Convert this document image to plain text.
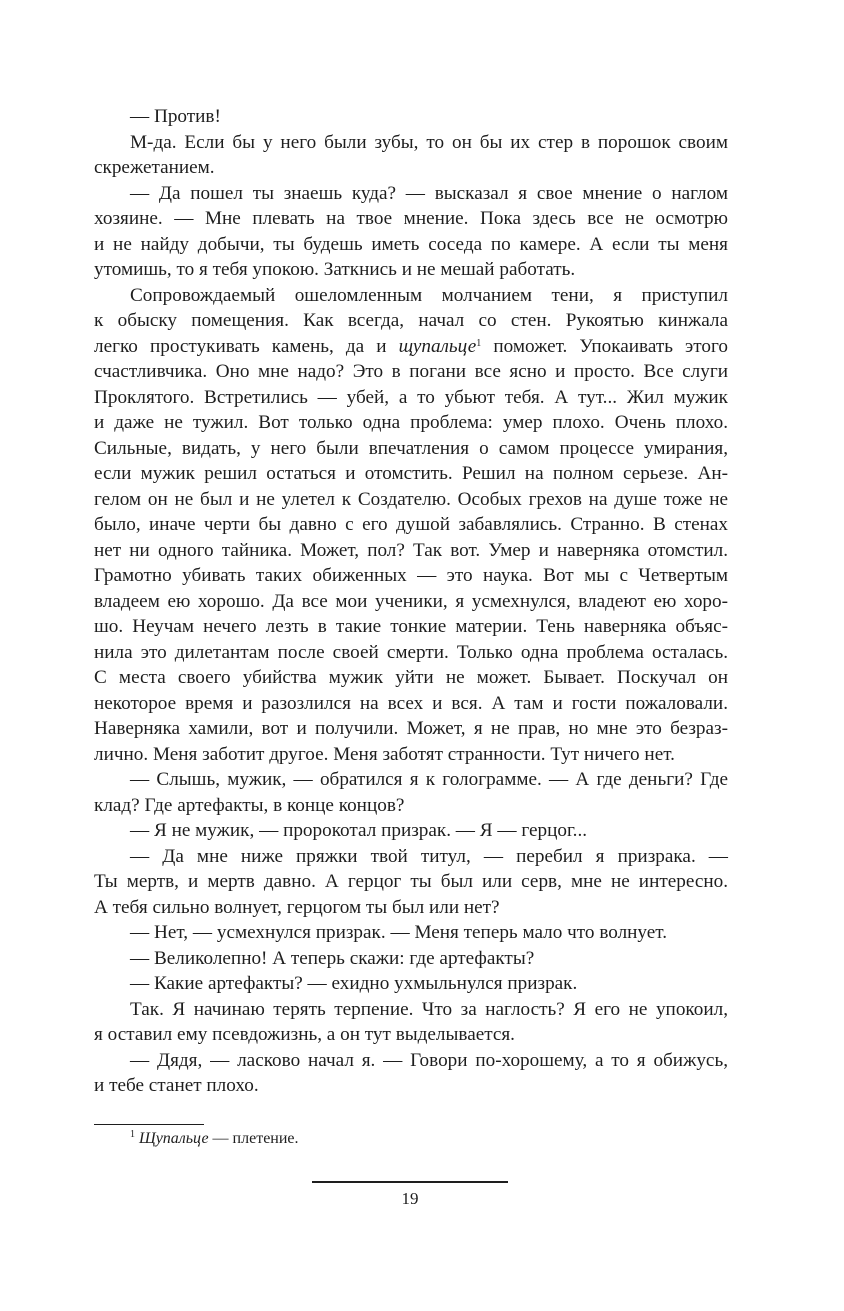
— Против!
М-да. Если бы у него были зубы, то он бы их стер в порошок своим
скрежетанием.
— Да пошел ты знаешь куда? — высказал я свое мнение о наглом
хозяине. — Мне плевать на твое мнение. Пока здесь все не осмотрю
и не найду добычи, ты будешь иметь соседа по камере. А если ты меня
утомишь, то я тебя упокою. Заткнись и не мешай работать.
Сопровождаемый ошеломленным молчанием тени, я приступил
к обыску помещения. Как всегда, начал со стен. Рукоятью кинжала
легко простукивать камень, да и щупальце$^1$ поможет. Упокаивать этого
счастливчика. Оно мне надо? Это в погани все ясно и просто. Все слуги
Проклятого. Встретились — убей, а то убьют тебя. А тут... Жил мужик
и даже не тужил. Вот только одна проблема: умер плохо. Очень плохо.
Сильные, видать, у него были впечатления о самом процессе умирания,
если мужик решил остаться и отомстить. Решил на полном серьезе. Ан-
гелом он не был и не улетел к Создателю. Особых грехов на душе тоже не
было, иначе черти бы давно с его душой забавлялись. Странно. В стенах
нет ни одного тайника. Может, пол? Так вот. Умер и наверняка отомстил.
Грамотно убивать таких обиженных — это наука. Вот мы с Четвертым
владеем ею хорошо. Да все мои ученики, я усмехнулся, владеют ею хоро-
шо. Неучам нечего лезть в такие тонкие материи. Тень наверняка объяс-
нила это дилетантам после своей смерти. Только одна проблема осталась.
С места своего убийства мужик уйти не может. Бывает. Поскучал он
некоторое время и разозлился на всех и вся. А там и гости пожаловали.
Наверняка хамили, вот и получили. Может, я не прав, но мне это безраз-
лично. Меня заботит другое. Меня заботят странности. Тут ничего нет.
— Слышь, мужик, — обратился я к голограмме. — А где деньги? Где
клад? Где артефакты, в конце концов?
— Я не мужик, — пророкотал призрак. — Я — герцог...
— Да мне ниже пряжки твой титул, — перебил я призрака. —
Ты мертв, и мертв давно. А герцог ты был или серв, мне не интересно.
А тебя сильно волнует, герцогом ты был или нет?
— Нет, — усмехнулся призрак. — Меня теперь мало что волнует.
— Великолепно! А теперь скажи: где артефакты?
— Какие артефакты? — ехидно ухмыльнулся призрак.
Так. Я начинаю терять терпение. Что за наглость? Я его не упокоил,
я оставил ему псевдожизнь, а он тут выделывается.
— Дядя, — ласково начал я. — Говори по-хорошему, а то я обижусь,
и тебе станет плохо.
$^1$ Щупальце — плетение.
19
